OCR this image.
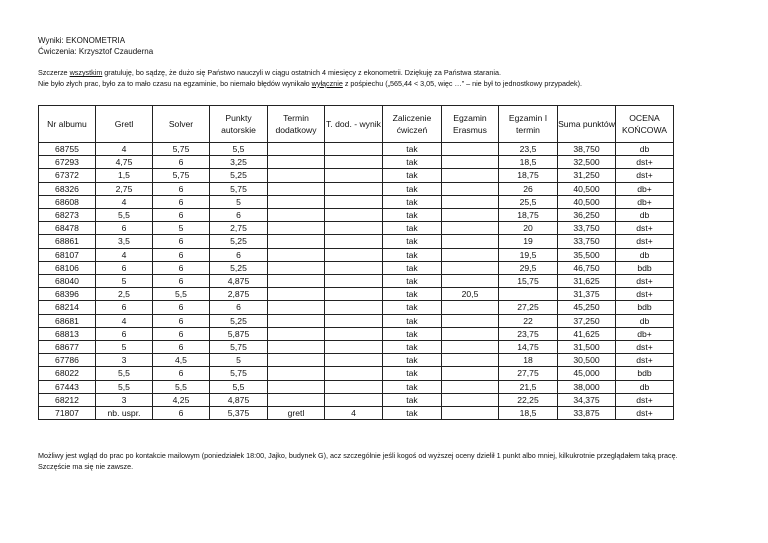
Wyniki: EKONOMETRIA
Ćwiczenia: Krzysztof Czauderna
Szczerze wszystkim gratuluję, bo sądzę, że dużo się Państwo nauczyli w ciągu ostatnich 4 miesięcy z ekonometrii. Dziękuję za Państwa starania.
Nie było złych prac, było za to mało czasu na egzaminie, bo niemało błędów wynikało wyłącznie z pośpiechu („565,44 < 3,05, więc …” – nie był to jednostkowy przypadek).
Nr albumu	Gretl	Solver	Punkty autorskie	Termin dodatkowy	T. dod. - wynik	Zaliczenie ćwiczeń	Egzamin Erasmus	Egzamin I termin	Suma punktów	OCENA KOŃCOWA
68755	4	5,75	5,5			tak		23,5	38,750	db
67293	4,75	6	3,25			tak		18,5	32,500	dst+
67372	1,5	5,75	5,25			tak		18,75	31,250	dst+
68326	2,75	6	5,75			tak		26	40,500	db+
68608	4	6	5			tak		25,5	40,500	db+
68273	5,5	6	6			tak		18,75	36,250	db
68478	6	5	2,75			tak		20	33,750	dst+
68861	3,5	6	5,25			tak		19	33,750	dst+
68107	4	6	6			tak		19,5	35,500	db
68106	6	6	5,25			tak		29,5	46,750	bdb
68040	5	6	4,875			tak		15,75	31,625	dst+
68396	2,5	5,5	2,875			tak	20,5		31,375	dst+
68214	6	6	6			tak		27,25	45,250	bdb
68681	4	6	5,25			tak		22	37,250	db
68813	6	6	5,875			tak		23,75	41,625	db+
68677	5	6	5,75			tak		14,75	31,500	dst+
67786	3	4,5	5			tak		18	30,500	dst+
68022	5,5	6	5,75			tak		27,75	45,000	bdb
67443	5,5	5,5	5,5			tak		21,5	38,000	db
68212	3	4,25	4,875			tak		22,25	34,375	dst+
71807	nb. uspr.	6	5,375	gretl	4	tak		18,5	33,875	dst+
Możliwy jest wgląd do prac po kontakcie mailowym (poniedziałek 18:00, Jajko, budynek G), acz szczególnie jeśli kogoś od wyższej oceny dzielił 1 punkt albo mniej, kilkukrotnie przeglądałem taką pracę.
Szczęście ma się nie zawsze.
